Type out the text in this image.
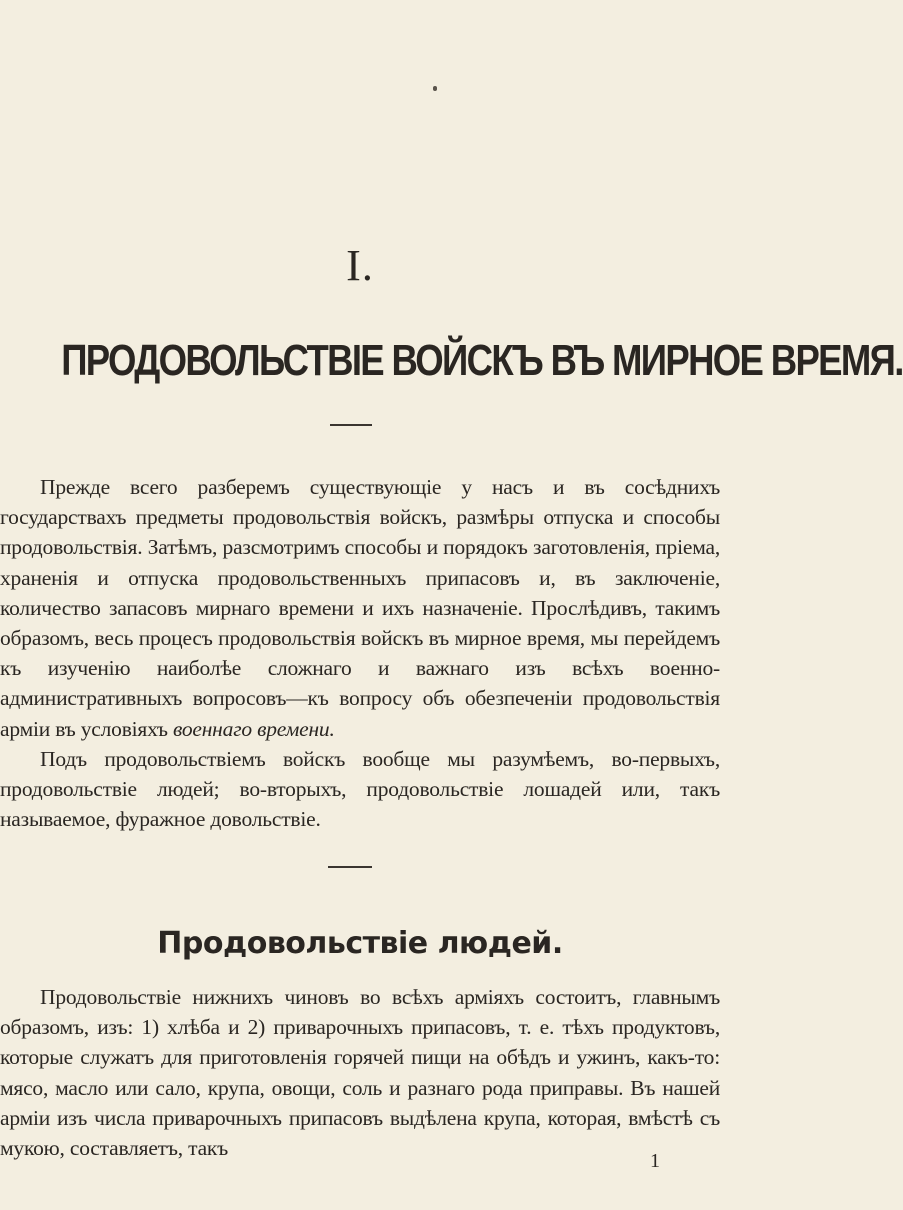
I.
ПРОДОВОЛЬСТВІЕ ВОЙСКЪ ВЪ МИРНОЕ ВРЕМЯ.

Прежде всего разберемъ существующіе у насъ и въ сосѣднихъ государствахъ предметы продовольствія войскъ, размѣры отпуска и способы продовольствія. Затѣмъ, разсмотримъ способы и порядокъ заготовленія, пріема, храненія и отпуска продовольственныхъ припасовъ и, въ заключеніе, количество запасовъ мирнаго времени и ихъ назначеніе. Прослѣдивъ, такимъ образомъ, весь процесъ продовольствія войскъ въ мирное время, мы перейдемъ къ изученію наиболѣе сложнаго и важнаго изъ всѣхъ военно-административныхъ вопросовъ—къ вопросу объ обезпеченіи продовольствія арміи въ условіяхъ военнаго времени.

Подъ продовольствіемъ войскъ вообще мы разумѣемъ, во-первыхъ, продовольствіе людей; во-вторыхъ, продовольствіе лошадей или, такъ называемое, фуражное довольствіе.

Продовольствіе людей.

Продовольствіе нижнихъ чиновъ во всѣхъ арміяхъ состоитъ, главнымъ образомъ, изъ: 1) хлѣба и 2) приварочныхъ припасовъ, т. е. тѣхъ продуктовъ, которые служатъ для приготовленія горячей пищи на обѣдъ и ужинъ, какъ-то: мясо, масло или сало, крупа, овощи, соль и разнаго рода приправы. Въ нашей арміи изъ числа приварочныхъ припасовъ выдѣлена крупа, которая, вмѣстѣ съ мукою, составляетъ, такъ

1
